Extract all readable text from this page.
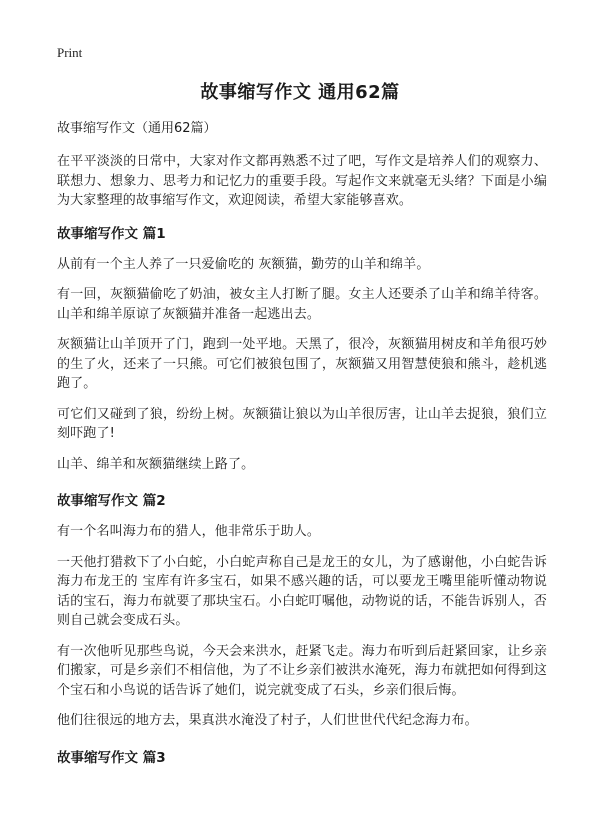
Print
故事缩写作文 通用62篇

故事缩写作文（通用62篇）

在平平淡淡的日常中，大家对作文都再熟悉不过了吧，写作文是培养人们的观察力、联想力、想象力、思考力和记忆力的重要手段。写起作文来就毫无头绪？下面是小编为大家整理的故事缩写作文，欢迎阅读，希望大家能够喜欢。

故事缩写作文 篇1

从前有一个主人养了一只爱偷吃的 灰额猫，勤劳的山羊和绵羊。

有一回，灰额猫偷吃了奶油，被女主人打断了腿。女主人还要杀了山羊和绵羊待客。山羊和绵羊原谅了灰额猫并准备一起逃出去。

灰额猫让山羊顶开了门，跑到一处平地。天黑了，很冷，灰额猫用树皮和羊角很巧妙的生了火，还来了一只熊。可它们被狼包围了，灰额猫又用智慧使狼和熊斗，趁机逃跑了。

可它们又碰到了狼，纷纷上树。灰额猫让狼以为山羊很厉害，让山羊去捉狼，狼们立刻吓跑了!

山羊、绵羊和灰额猫继续上路了。

故事缩写作文 篇2

有一个名叫海力布的猎人，他非常乐于助人。

一天他打猎救下了小白蛇，小白蛇声称自己是龙王的女儿，为了感谢他，小白蛇告诉海力布龙王的 宝库有许多宝石，如果不感兴趣的话，可以要龙王嘴里能听懂动物说话的宝石，海力布就要了那块宝石。小白蛇叮嘱他，动物说的话，不能告诉别人，否则自己就会变成石头。

有一次他听见那些鸟说，今天会来洪水，赶紧飞走。海力布听到后赶紧回家，让乡亲们搬家，可是乡亲们不相信他，为了不让乡亲们被洪水淹死，海力布就把如何得到这个宝石和小鸟说的话告诉了她们，说完就变成了石头，乡亲们很后悔。

他们往很远的地方去，果真洪水淹没了村子，人们世世代代纪念海力布。

故事缩写作文 篇3
